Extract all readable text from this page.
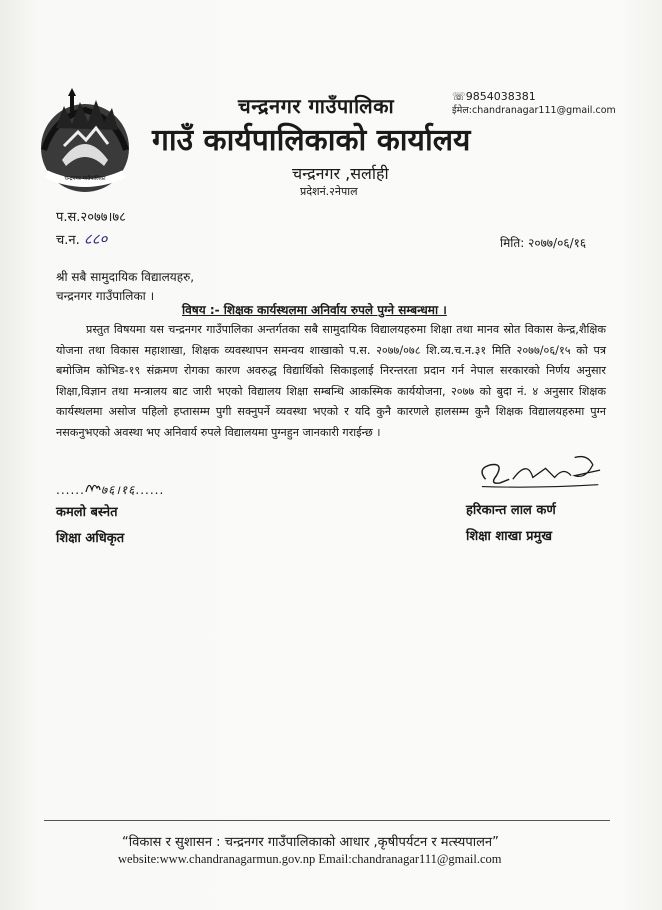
चन्द्रनगर गाउँपालिका
चन्द्रनगर गाउँपालिका
गाउँ कार्यपालिकाको कार्यालय
चन्द्रनगर ,सर्लाही
प्रदेशनं.२नेपाल
☏9854038381
ईमेल:chandranagar111@gmail.com
प.स.२०७७।७८
च.न. ८८०	मिति: २०७७/०६/१६
श्री सबै सामुदायिक विद्यालयहरु,
चन्द्रनगर गाउँपालिका ।
विषय :- शिक्षक कार्यस्थलमा अनिर्वाय रुपले पुग्ने सम्बन्धमा ।
प्रस्तुत विषयमा यस चन्द्रनगर गाउँपालिका अन्तर्गतका सबै सामुदायिक विद्यालयहरुमा शिक्षा तथा मानव स्रोत विकास केन्द्र,शैक्षिक योजना तथा विकास महाशाखा, शिक्षक व्यवस्थापन समन्वय शाखाको प.स. २०७७/०७८ शि.व्य.च.न.३१ मिति २०७७/०६/१५ को पत्र बमोजिम कोभिड-१९ संक्रमण रोगका कारण अवरुद्ध विद्यार्थिको सिकाइलाई निरन्तरता प्रदान गर्न नेपाल सरकारको निर्णय अनुसार शिक्षा,विज्ञान तथा मन्त्रालय बाट जारी भएको विद्यालय शिक्षा सम्बन्धि आकस्मिक कार्ययोजना, २०७७ को बुदा नं. ४ अनुसार शिक्षक कार्यस्थलमा असोज पहिलो हप्तासम्म पुगी सक्नुपर्ने व्यवस्था भएको र यदि कुनै कारणले हालसम्म कुनै शिक्षक विद्यालयहरुमा पुग्न नसकनुभएको अवस्था भए अनिवार्य रुपले विद्यालयमा पुग्नहुन जानकारी गराईन्छ ।
...... ७६।१६......
कमलो बस्नेत
शिक्षा अधिकृत
हरिकान्त लाल कर्ण
शिक्षा शाखा प्रमुख
“विकास र सुशासन : चन्द्रनगर गाउँपालिकाको आधार ,कृषीपर्यटन र मत्स्यपालन”
website:www.chandranagarmun.gov.np Email:chandranagar111@gmail.com
